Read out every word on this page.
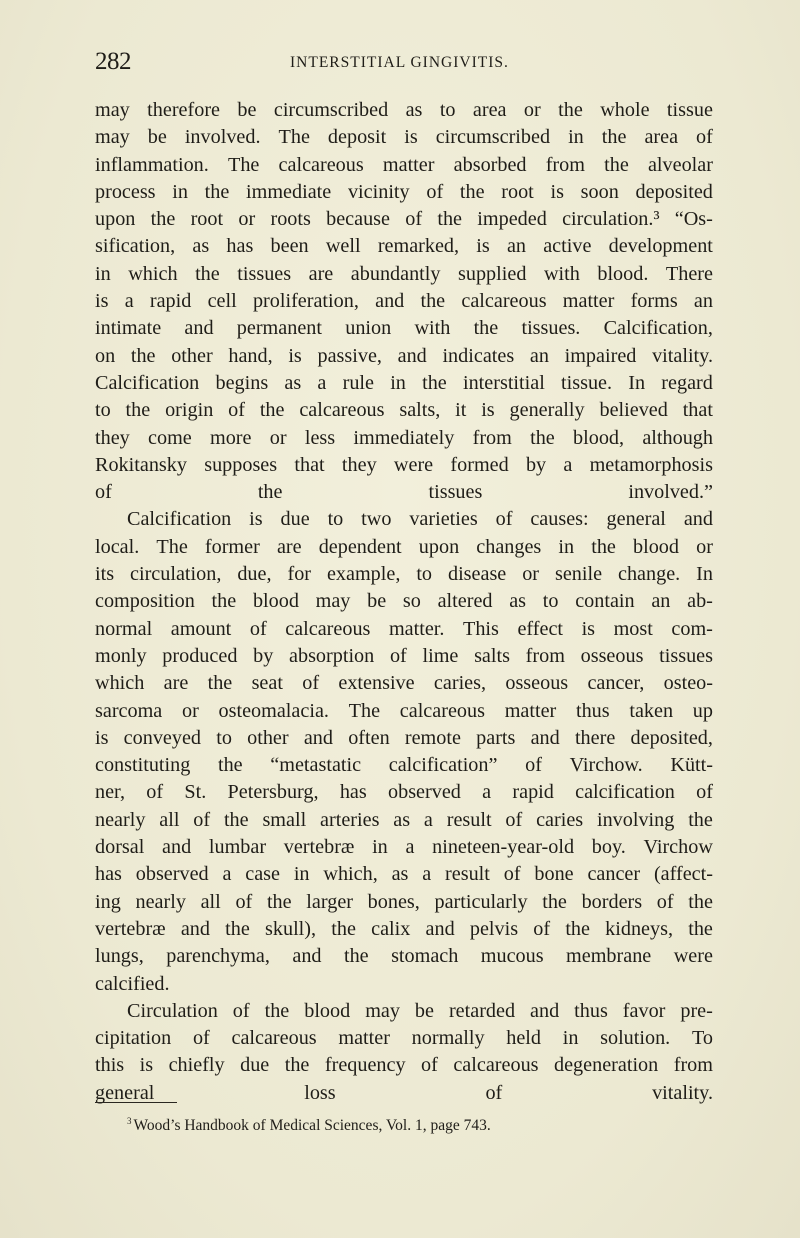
282	INTERSTITIAL GINGIVITIS.

may therefore be circumscribed as to area or the whole tissue
may be involved. The deposit is circumscribed in the area of
inflammation. The calcareous matter absorbed from the alveolar
process in the immediate vicinity of the root is soon deposited
upon the root or roots because of the impeded circulation.³ “Os-
sification, as has been well remarked, is an active development
in which the tissues are abundantly supplied with blood. There
is a rapid cell proliferation, and the calcareous matter forms an
intimate and permanent union with the tissues. Calcification,
on the other hand, is passive, and indicates an impaired vitality.
Calcification begins as a rule in the interstitial tissue. In regard
to the origin of the calcareous salts, it is generally believed that
they come more or less immediately from the blood, although
Rokitansky supposes that they were formed by a metamorphosis
of the tissues involved.”

Calcification is due to two varieties of causes: general and
local. The former are dependent upon changes in the blood or
its circulation, due, for example, to disease or senile change. In
composition the blood may be so altered as to contain an ab-
normal amount of calcareous matter. This effect is most com-
monly produced by absorption of lime salts from osseous tissues
which are the seat of extensive caries, osseous cancer, osteo-
sarcoma or osteomalacia. The calcareous matter thus taken up
is conveyed to other and often remote parts and there deposited,
constituting the “metastatic calcification” of Virchow. Kütt-
ner, of St. Petersburg, has observed a rapid calcification of
nearly all of the small arteries as a result of caries involving the
dorsal and lumbar vertebræ in a nineteen-year-old boy. Virchow
has observed a case in which, as a result of bone cancer (affect-
ing nearly all of the larger bones, particularly the borders of the
vertebræ and the skull), the calix and pelvis of the kidneys, the
lungs, parenchyma, and the stomach mucous membrane were
calcified.

Circulation of the blood may be retarded and thus favor pre-
cipitation of calcareous matter normally held in solution. To
this is chiefly due the frequency of calcareous degeneration from
general loss of vitality.

$^3$ Wood’s Handbook of Medical Sciences, Vol. 1, page 743.
